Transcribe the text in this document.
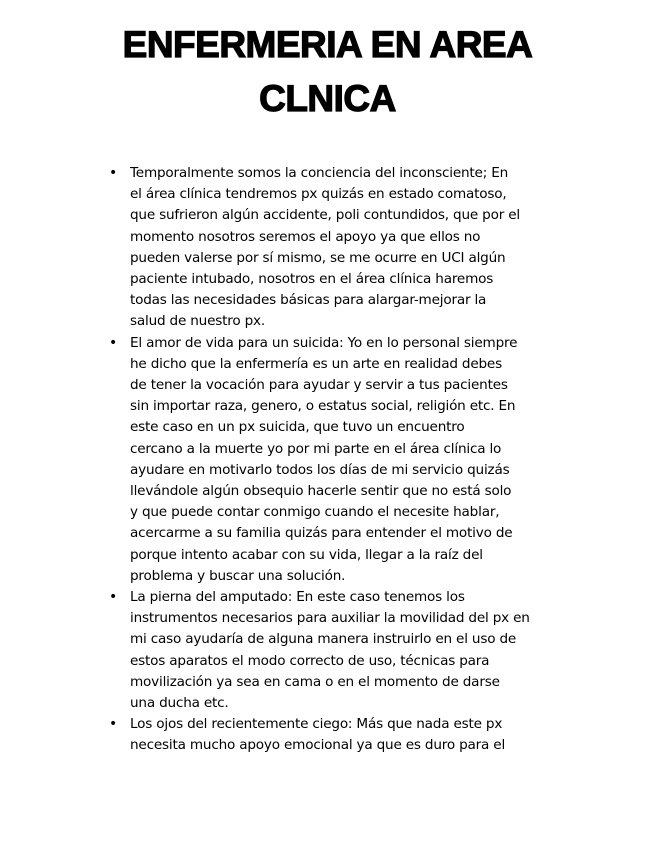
ENFERMERIA EN AREA
CLNICA
• Temporalmente somos la conciencia del inconsciente; En
el área clínica tendremos px quizás en estado comatoso,
que sufrieron algún accidente, poli contundidos, que por el
momento nosotros seremos el apoyo ya que ellos no
pueden valerse por sí mismo, se me ocurre en UCI algún
paciente intubado, nosotros en el área clínica haremos
todas las necesidades básicas para alargar-mejorar la
salud de nuestro px.
• El amor de vida para un suicida: Yo en lo personal siempre
he dicho que la enfermería es un arte en realidad debes
de tener la vocación para ayudar y servir a tus pacientes
sin importar raza, genero, o estatus social, religión etc. En
este caso en un px suicida, que tuvo un encuentro
cercano a la muerte yo por mi parte en el área clínica lo
ayudare en motivarlo todos los días de mi servicio quizás
llevándole algún obsequio hacerle sentir que no está solo
y que puede contar conmigo cuando el necesite hablar,
acercarme a su familia quizás para entender el motivo de
porque intento acabar con su vida, llegar a la raíz del
problema y buscar una solución.
• La pierna del amputado: En este caso tenemos los
instrumentos necesarios para auxiliar la movilidad del px en
mi caso ayudaría de alguna manera instruirlo en el uso de
estos aparatos el modo correcto de uso, técnicas para
movilización ya sea en cama o en el momento de darse
una ducha etc.
• Los ojos del recientemente ciego: Más que nada este px
necesita mucho apoyo emocional ya que es duro para el
